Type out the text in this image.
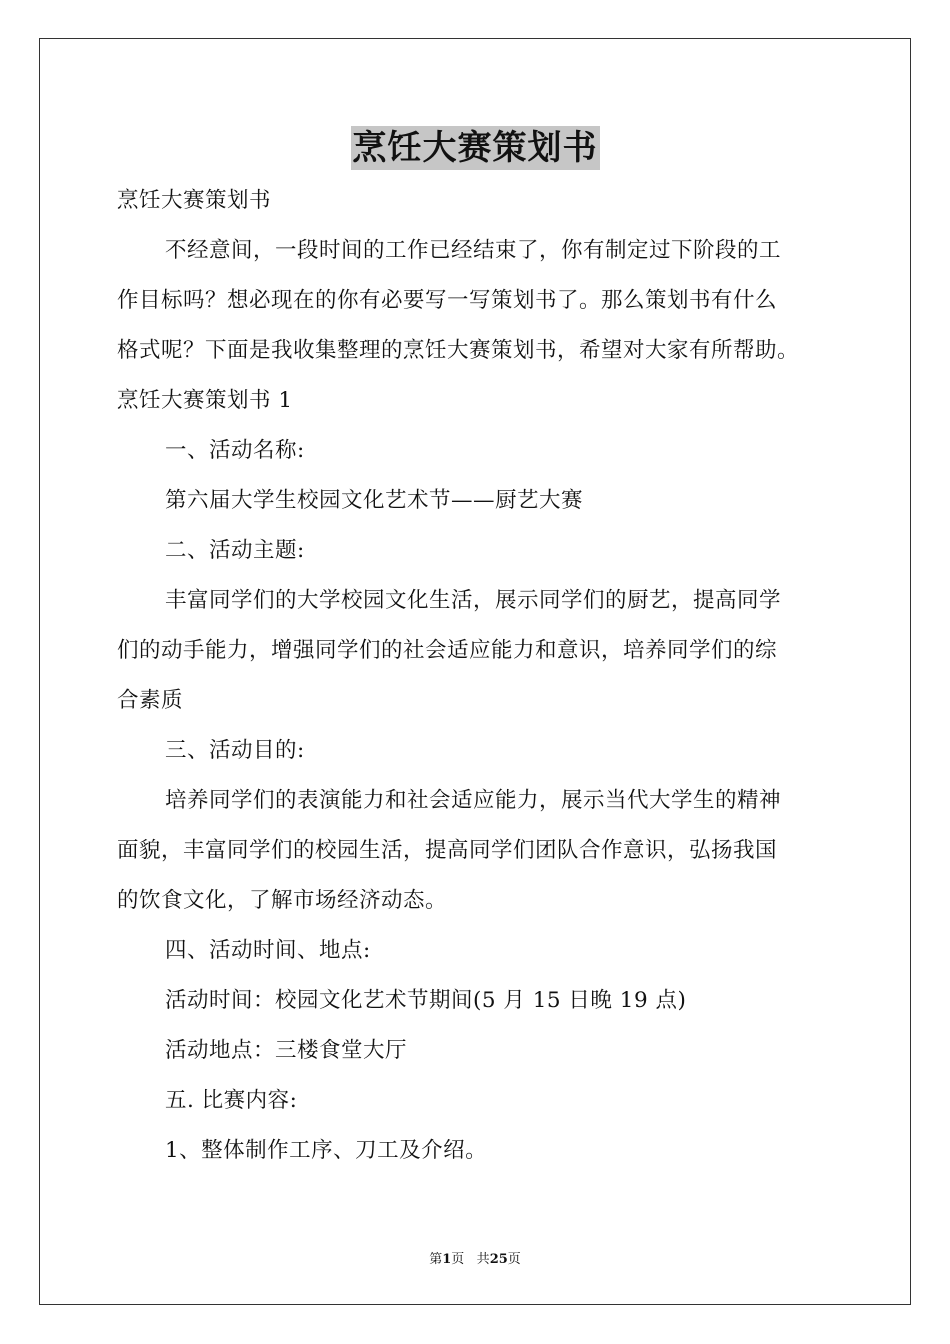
烹饪大赛策划书

烹饪大赛策划书

不经意间，一段时间的工作已经结束了，你有制定过下阶段的工

作目标吗？想必现在的你有必要写一写策划书了。那么策划书有什么

格式呢？下面是我收集整理的烹饪大赛策划书，希望对大家有所帮助。

烹饪大赛策划书 1

一、活动名称:

第六届大学生校园文化艺术节——厨艺大赛

二、活动主题:

丰富同学们的大学校园文化生活，展示同学们的厨艺，提高同学

们的动手能力，增强同学们的社会适应能力和意识，培养同学们的综

合素质

三、活动目的:

培养同学们的表演能力和社会适应能力，展示当代大学生的精神

面貌，丰富同学们的校园生活，提高同学们团队合作意识，弘扬我国

的饮食文化，了解市场经济动态。

四、活动时间、地点:

活动时间：校园文化艺术节期间(5 月 15 日晚 19 点)

活动地点：三楼食堂大厅

五. 比赛内容:

1、整体制作工序、刀工及介绍。

第1页 共25页
